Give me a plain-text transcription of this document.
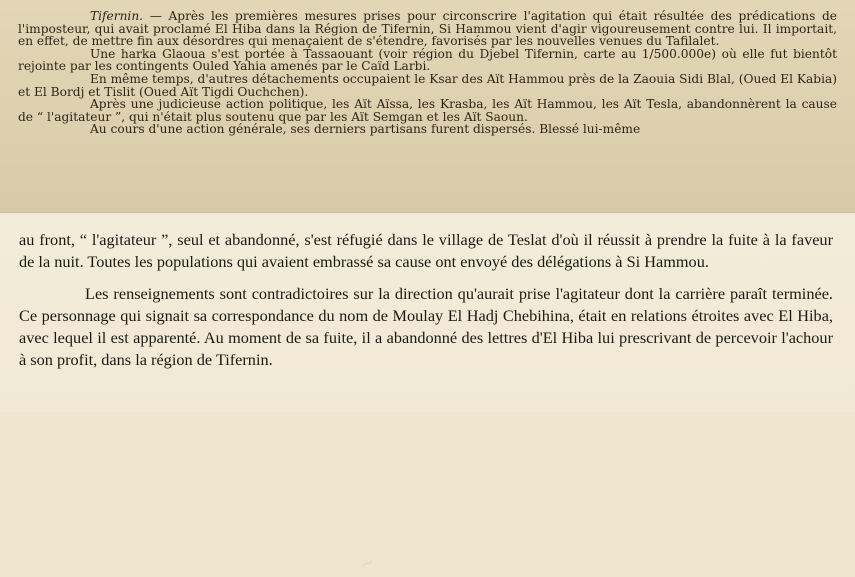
Tifernin. — Après les premières mesures prises pour circonscrire l'agitation qui était résultée des prédications de l'imposteur, qui avait proclamé El Hiba dans la Région de Tifernin, Si Hammou vient d'agir vigoureusement contre lui. Il importait, en effet, de mettre fin aux désordres qui menaçaient de s'étendre, favorisés par les nouvelles venues du Tafilalet.

Une harka Glaoua s'est portée à Tassaouant (voir région du Djebel Tifernin, carte au 1/500.000e) où elle fut bientôt rejointe par les contingents Ouled Yahia amenés par le Caïd Larbi.

En même temps, d'autres détachements occupaient le Ksar des Aït Hammou près de la Zaouia Sidi Blal, (Oued El Kabia) et El Bordj et Tislit (Oued Aït Tigdi Ouchchen).

Après une judicieuse action politique, les Aït Aïssa, les Krasba, les Aït Hammou, les Aït Tesla, abandonnèrent la cause de “ l'agitateur ”, qui n'était plus soutenu que par les Aït Semgan et les Aït Saoun.

Au cours d'une action générale, ses derniers partisans furent dispersés. Blessé lui-même

au front, “ l'agitateur ”, seul et abandonné, s'est réfugié dans le village de Teslat d'où il réussit à prendre la fuite à la faveur de la nuit. Toutes les populations qui avaient embrassé sa cause ont envoyé des délégations à Si Hammou.

Les renseignements sont contradictoires sur la direction qu'aurait prise l'agitateur dont la carrière paraît terminée. Ce personnage qui signait sa correspondance du nom de Moulay El Hadj Chebihina, était en relations étroites avec El Hiba, avec lequel il est apparenté. Au moment de sa fuite, il a abandonné des lettres d'El Hiba lui prescrivant de percevoir l'achour à son profit, dans la région de Tifernin.

~
